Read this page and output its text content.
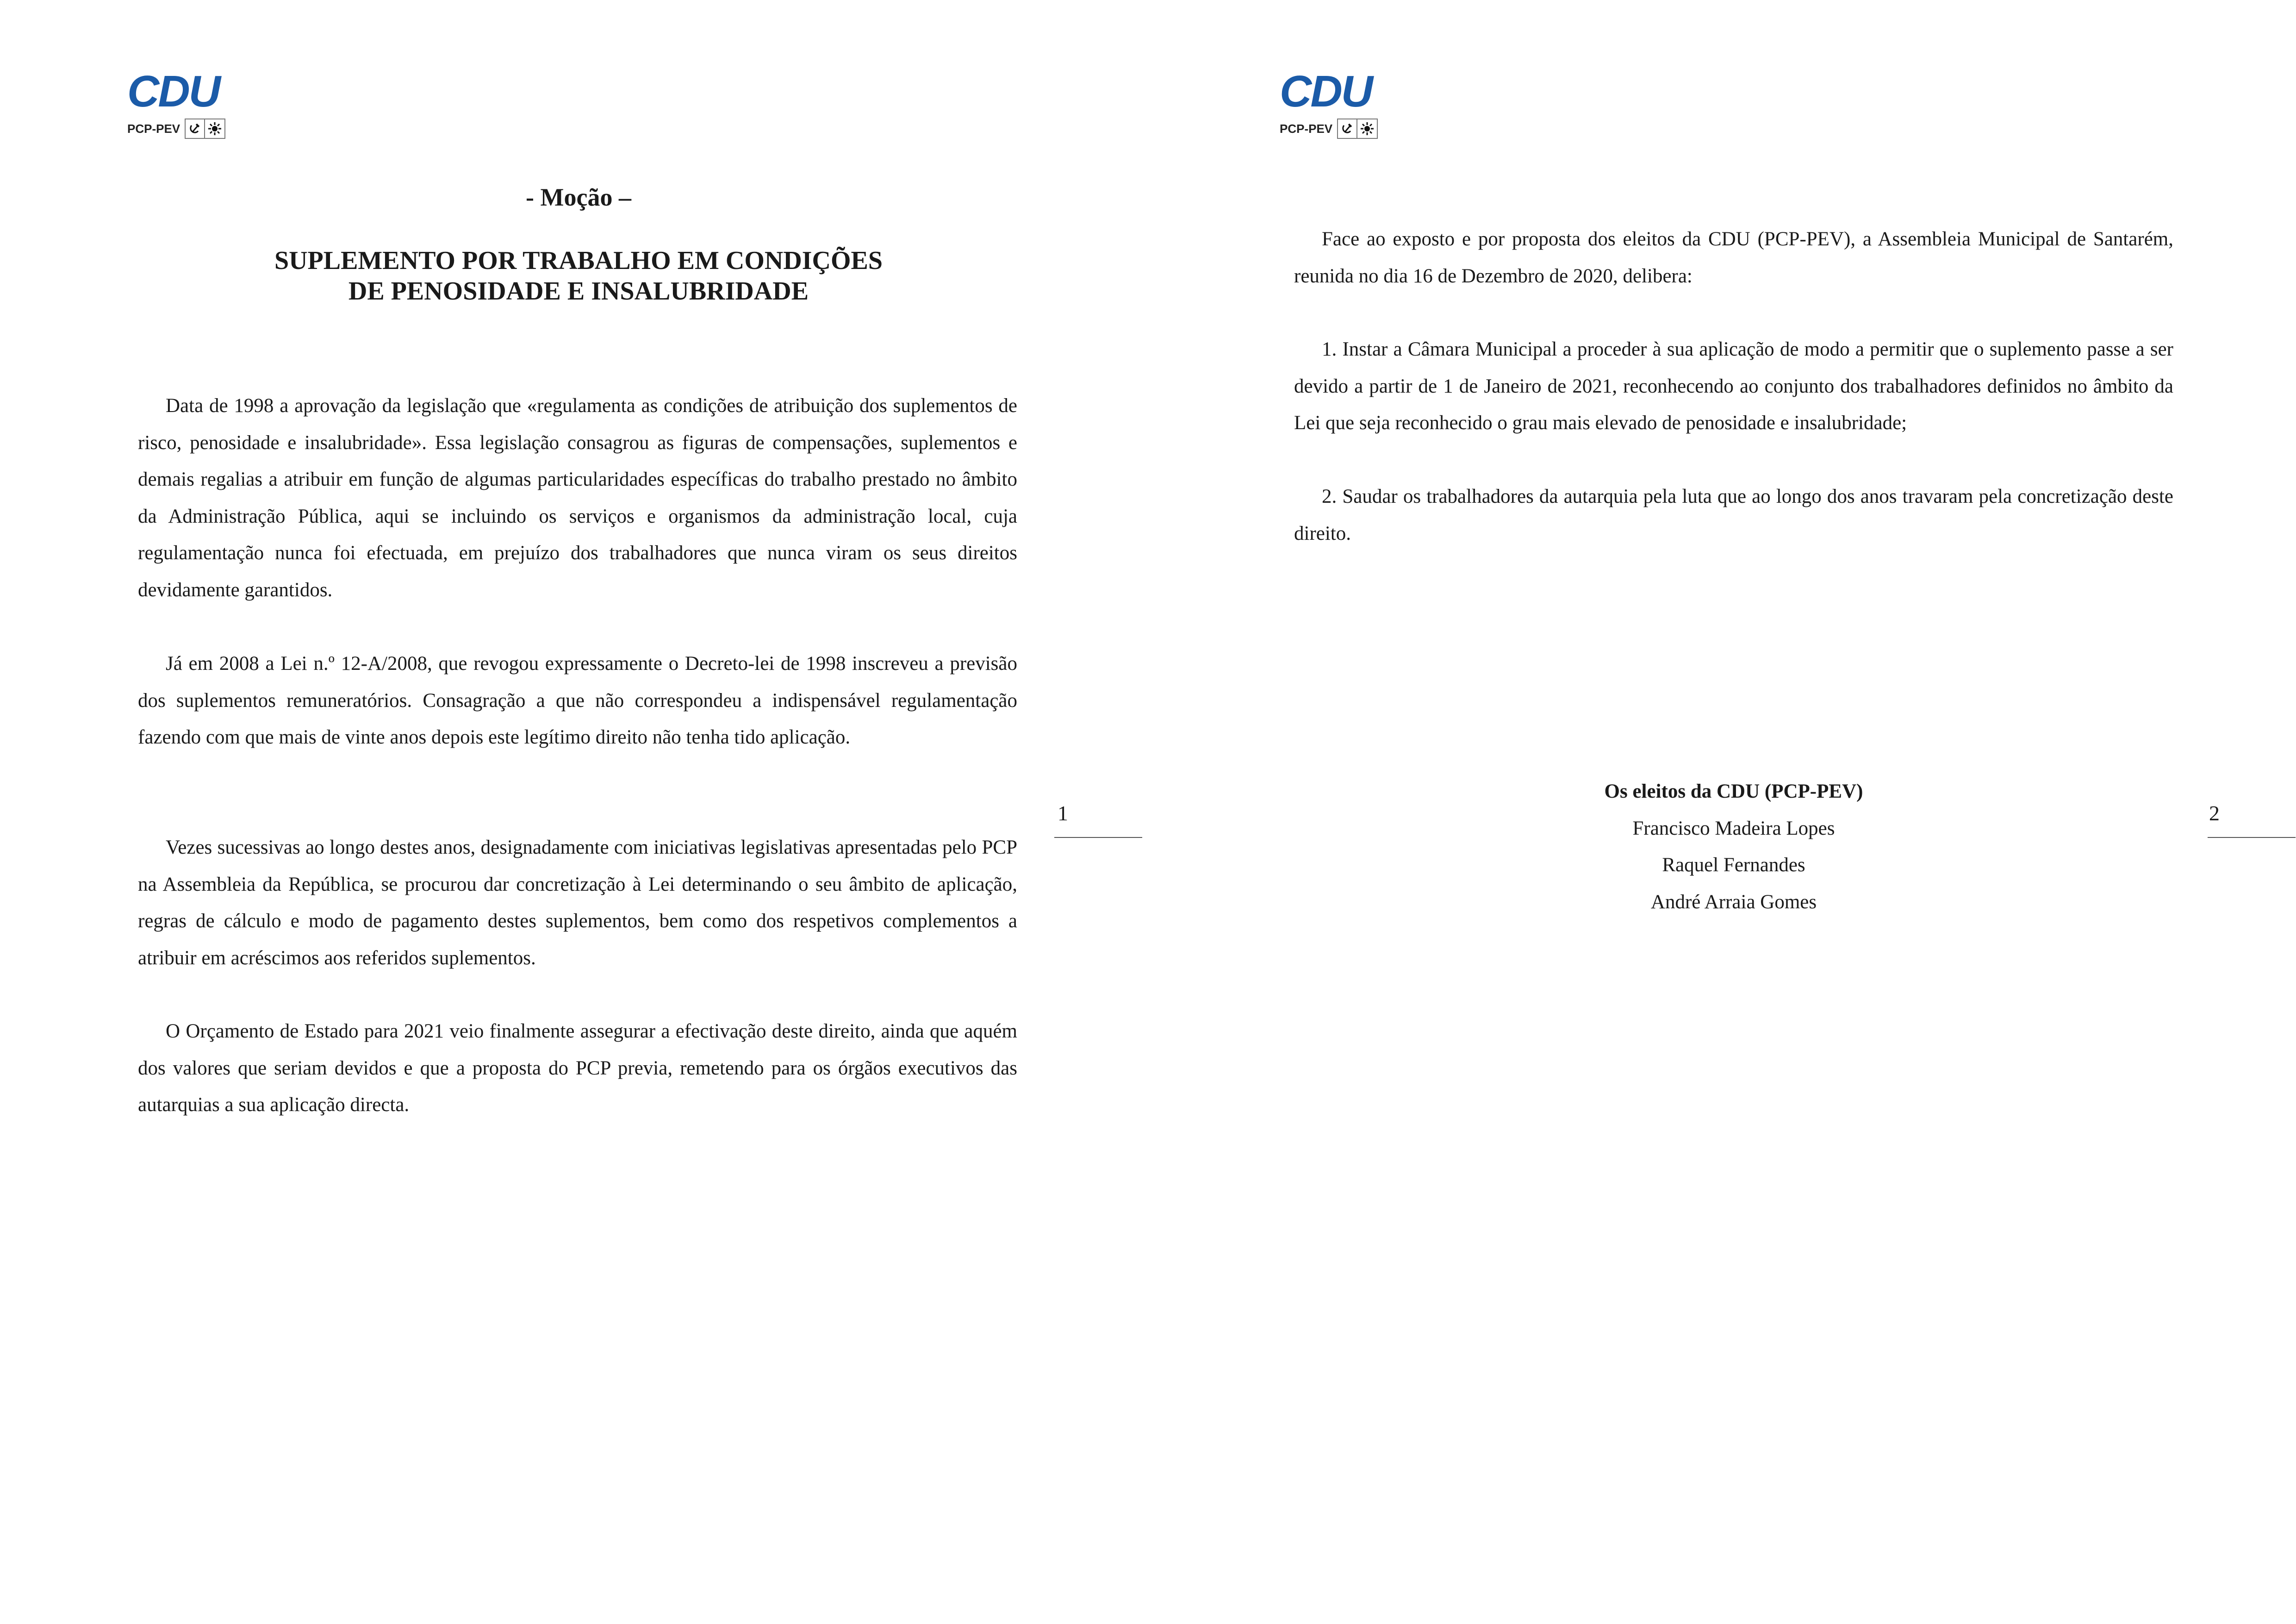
CDU
PCP-PEV
- Moção –
SUPLEMENTO POR TRABALHO EM CONDIÇÕES
DE PENOSIDADE E INSALUBRIDADE

Data de 1998 a aprovação da legislação que «regulamenta as condições de atribuição dos suplementos de risco, penosidade e insalubridade». Essa legislação consagrou as figuras de compensações, suplementos e demais regalias a atribuir em função de algumas particularidades específicas do trabalho prestado no âmbito da Administração Pública, aqui se incluindo os serviços e organismos da administração local, cuja regulamentação nunca foi efectuada, em prejuízo dos trabalhadores que nunca viram os seus direitos devidamente garantidos.

Já em 2008 a Lei n.º 12-A/2008, que revogou expressamente o Decreto-lei de 1998 inscreveu a previsão dos suplementos remuneratórios. Consagração a que não correspondeu a indispensável regulamentação fazendo com que mais de vinte anos depois este legítimo direito não tenha tido aplicação.

Vezes sucessivas ao longo destes anos, designadamente com iniciativas legislativas apresentadas pelo PCP na Assembleia da República, se procurou dar concretização à Lei determinando o seu âmbito de aplicação, regras de cálculo e modo de pagamento destes suplementos, bem como dos respetivos complementos a atribuir em acréscimos aos referidos suplementos.

O Orçamento de Estado para 2021 veio finalmente assegurar a efectivação deste direito, ainda que aquém dos valores que seriam devidos e que a proposta do PCP previa, remetendo para os órgãos executivos das autarquias a sua aplicação directa.

1
CDU
PCP-PEV

Face ao exposto e por proposta dos eleitos da CDU (PCP-PEV), a Assembleia Municipal de Santarém, reunida no dia 16 de Dezembro de 2020, delibera:

1. Instar a Câmara Municipal a proceder à sua aplicação de modo a permitir que o suplemento passe a ser devido a partir de 1 de Janeiro de 2021, reconhecendo ao conjunto dos trabalhadores definidos no âmbito da Lei que seja reconhecido o grau mais elevado de penosidade e insalubridade;

2. Saudar os trabalhadores da autarquia pela luta que ao longo dos anos travaram pela concretização deste direito.

Os eleitos da CDU (PCP-PEV)
Francisco Madeira Lopes
Raquel Fernandes
André Arraia Gomes
2
